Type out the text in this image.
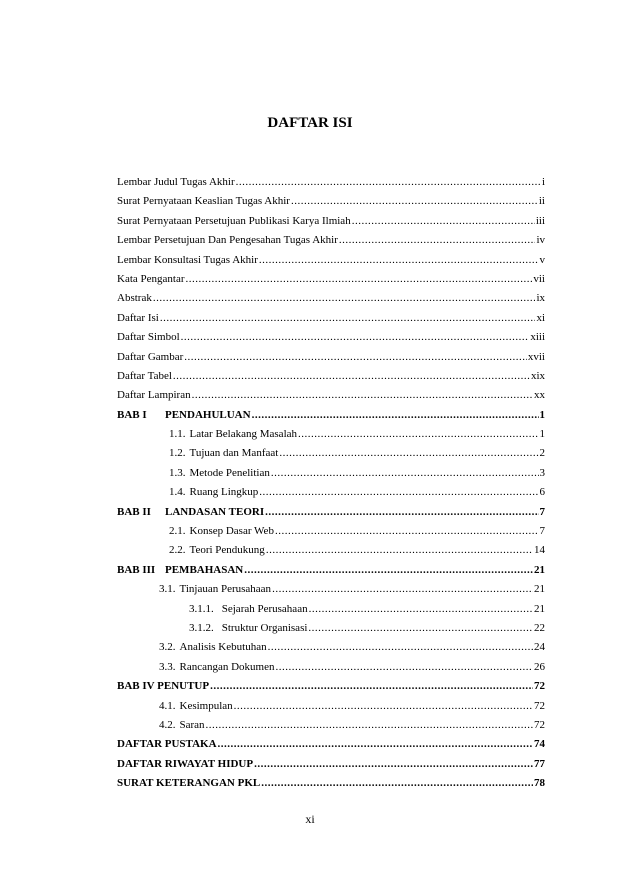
DAFTAR ISI
Lembar Judul Tugas Akhir .....	i
Surat Pernyataan Keaslian Tugas Akhir .....	ii
Surat Pernyataan Persetujuan Publikasi Karya Ilmiah .....	iii
Lembar Persetujuan Dan Pengesahan Tugas Akhir .....	iv
Lembar Konsultasi Tugas Akhir .....	v
Kata Pengantar .....	vii
Abstrak .....	ix
Daftar Isi .....	xi
Daftar Simbol .....	xiii
Daftar Gambar .....	xvii
Daftar Tabel .....	xix
Daftar Lampiran .....	xx
BAB I PENDAHULUAN .....	1
1.1. Latar Belakang Masalah .....	1
1.2. Tujuan dan Manfaat .....	2
1.3. Metode Penelitian .....	3
1.4. Ruang Lingkup .....	6
BAB II LANDASAN TEORI .....	7
2.1. Konsep Dasar Web .....	7
2.2. Teori Pendukung .....	14
BAB III PEMBAHASAN .....	21
3.1. Tinjauan Perusahaan .....	21
3.1.1. Sejarah Perusahaan .....	21
3.1.2. Struktur Organisasi .....	22
3.2. Analisis Kebutuhan .....	24
3.3. Rancangan Dokumen .....	26
BAB IV PENUTUP .....	72
4.1. Kesimpulan .....	72
4.2. Saran .....	72
DAFTAR PUSTAKA .....	74
DAFTAR RIWAYAT HIDUP .....	77
SURAT KETERANGAN PKL .....	78
xi
